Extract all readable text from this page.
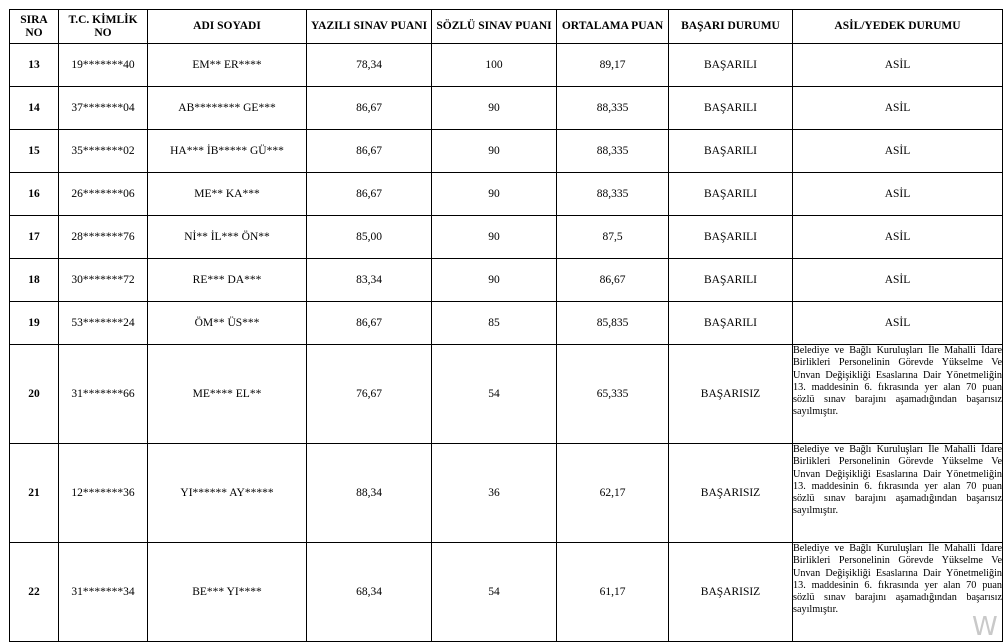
SIRA NO	T.C. KİMLİK NO	ADI SOYADI	YAZILI SINAV PUANI	SÖZLÜ SINAV PUANI	ORTALAMA PUAN	BAŞARI DURUMU	ASİL/YEDEK DURUMU
13	19*******40	EM** ER****	78,34	100	89,17	BAŞARILI	ASİL
14	37*******04	AB******** GE***	86,67	90	88,335	BAŞARILI	ASİL
15	35*******02	HA*** İB***** GÜ***	86,67	90	88,335	BAŞARILI	ASİL
16	26*******06	ME** KA***	86,67	90	88,335	BAŞARILI	ASİL
17	28*******76	Nİ** İL*** ÖN**	85,00	90	87,5	BAŞARILI	ASİL
18	30*******72	RE*** DA***	83,34	90	86,67	BAŞARILI	ASİL
19	53*******24	ÖM** ÜS***	86,67	85	85,835	BAŞARILI	ASİL
20	31*******66	ME**** EL**	76,67	54	65,335	BAŞARISIZ	Belediye ve Bağlı Kuruluşları İle Mahalli İdare Birlikleri Personelinin Görevde Yükselme Ve Unvan Değişikliği Esaslarına Dair Yönetmeliğin 13. maddesinin 6. fıkrasında yer alan 70 puan sözlü sınav barajını aşamadığından başarısız sayılmıştır.
21	12*******36	YI****** AY*****	88,34	36	62,17	BAŞARISIZ	Belediye ve Bağlı Kuruluşları İle Mahalli İdare Birlikleri Personelinin Görevde Yükselme Ve Unvan Değişikliği Esaslarına Dair Yönetmeliğin 13. maddesinin 6. fıkrasında yer alan 70 puan sözlü sınav barajını aşamadığından başarısız sayılmıştır.
22	31*******34	BE*** YI****	68,34	54	61,17	BAŞARISIZ	Belediye ve Bağlı Kuruluşları İle Mahalli İdare Birlikleri Personelinin Görevde Yükselme Ve Unvan Değişikliği Esaslarına Dair Yönetmeliğin 13. maddesinin 6. fıkrasında yer alan 70 puan sözlü sınav barajını aşamadığından başarısız sayılmıştır.
W
